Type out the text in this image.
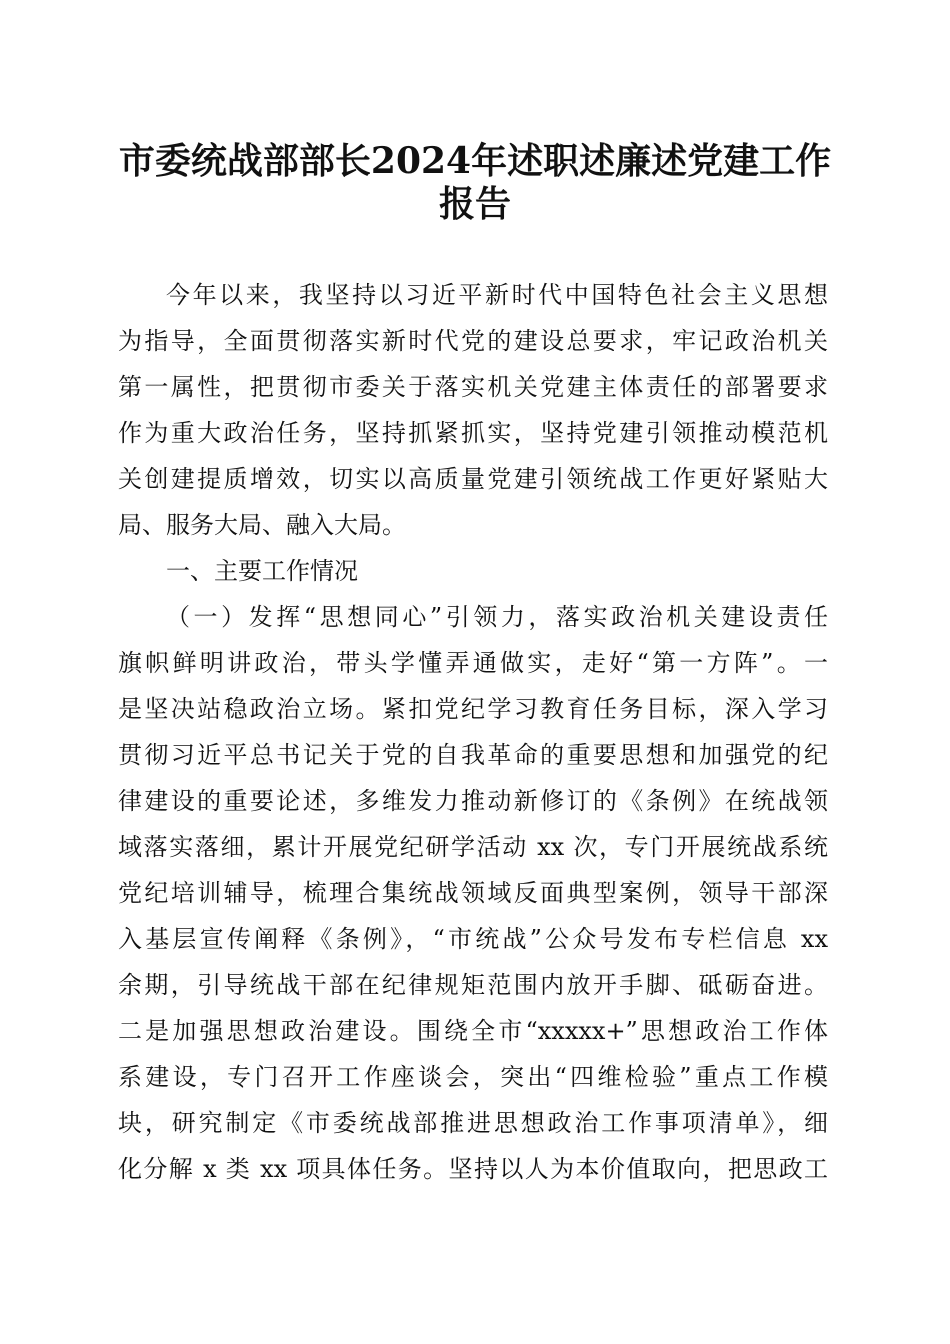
市委统战部部长2024年述职述廉述党建工作
报告
今年以来，我坚持以习近平新时代中国特色社会主义思想
为指导，全面贯彻落实新时代党的建设总要求，牢记政治机关
第一属性，把贯彻市委关于落实机关党建主体责任的部署要求
作为重大政治任务，坚持抓紧抓实，坚持党建引领推动模范机
关创建提质增效，切实以高质量党建引领统战工作更好紧贴大
局、服务大局、融入大局。
一、主要工作情况
（一）发挥“思想同心”引领力，落实政治机关建设责任
旗帜鲜明讲政治，带头学懂弄通做实，走好“第一方阵”。一
是坚决站稳政治立场。紧扣党纪学习教育任务目标，深入学习
贯彻习近平总书记关于党的自我革命的重要思想和加强党的纪
律建设的重要论述，多维发力推动新修订的《条例》在统战领
域落实落细，累计开展党纪研学活动 xx 次，专门开展统战系统
党纪培训辅导，梳理合集统战领域反面典型案例，领导干部深
入基层宣传阐释《条例》，“市统战”公众号发布专栏信息 xx
余期，引导统战干部在纪律规矩范围内放开手脚、砥砺奋进。
二是加强思想政治建设。围绕全市“xxxxx+”思想政治工作体
系建设，专门召开工作座谈会，突出“四维检验”重点工作模
块，研究制定《市委统战部推进思想政治工作事项清单》，细
化分解 x 类 xx 项具体任务。坚持以人为本价值取向，把思政工
